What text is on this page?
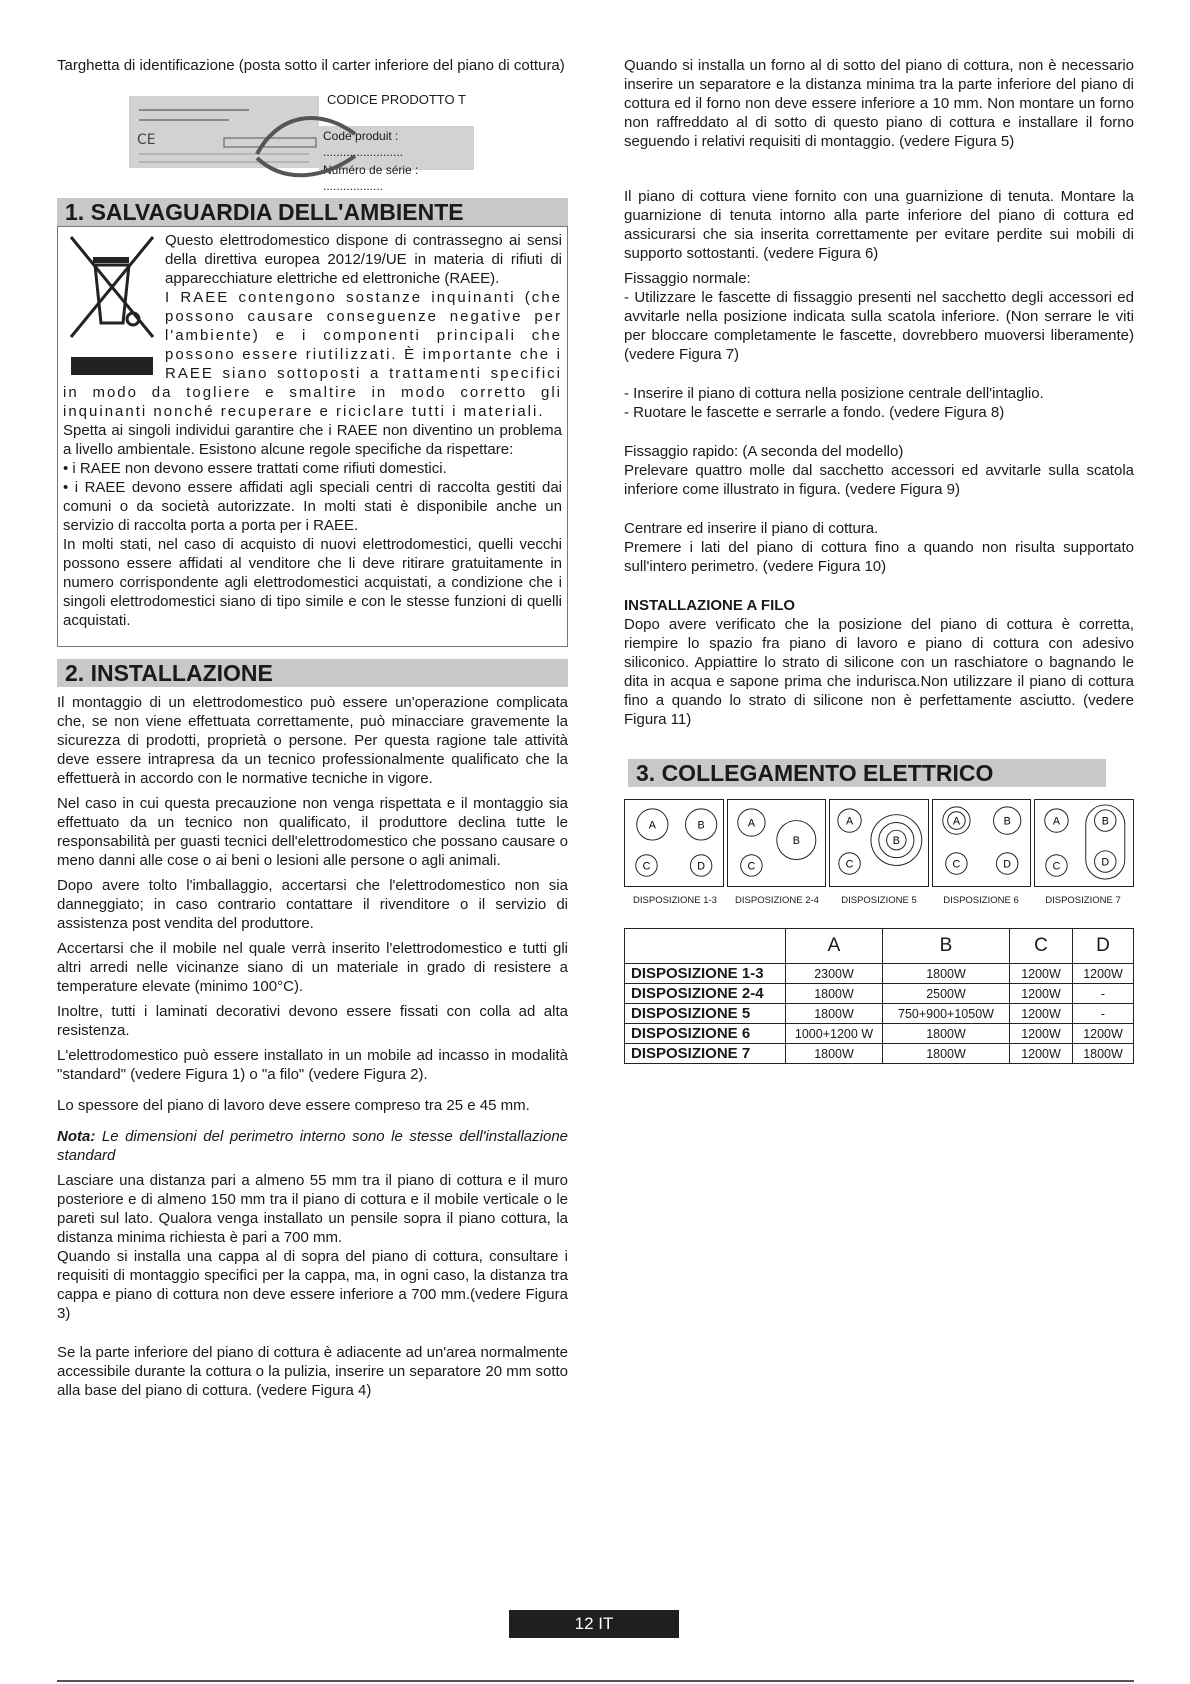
Targhetta di identificazione (posta sotto il carter inferiore del piano di cottura)

CODICE PRODOTTO T
CE	Code produit : ........................
Numéro de série : ..................
1. SALVAGUARDIA DELL'AMBIENTE

Questo elettrodomestico dispone di contrassegno ai sensi della direttiva europea 2012/19/UE in materia di rifiuti di apparecchiature elettriche ed elettroniche (RAEE).

I RAEE contengono sostanze inquinanti (che possono causare conseguenze negative per l'ambiente) e i componenti principali che possono essere riutilizzati. È importante che i RAEE siano sottoposti a trattamenti specifici in modo da togliere e smaltire in modo corretto gli inquinanti nonché recuperare e riciclare tutti i materiali.

Spetta ai singoli individui garantire che i RAEE non diventino un problema a livello ambientale. Esistono alcune regole specifiche da rispettare:

• i RAEE non devono essere trattati come rifiuti domestici.
• i RAEE devono essere affidati agli speciali centri di raccolta gestiti dai comuni o da società autorizzate. In molti stati è disponibile anche un servizio di raccolta porta a porta per i RAEE.

In molti stati, nel caso di acquisto di nuovi elettrodomestici, quelli vecchi possono essere affidati al venditore che li deve ritirare gratuitamente in numero corrispondente agli elettrodomestici acquistati, a condizione che i singoli elettrodomestici siano di tipo simile e con le stesse funzioni di quelli acquistati.

2. INSTALLAZIONE

Il montaggio di un elettrodomestico può essere un'operazione complicata che, se non viene effettuata correttamente, può minacciare gravemente la sicurezza di prodotti, proprietà o persone. Per questa ragione tale attività deve essere intrapresa da un tecnico professionalmente qualificato che la effettuerà in accordo con le normative tecniche in vigore.

Nel caso in cui questa precauzione non venga rispettata e il montaggio sia effettuato da un tecnico non qualificato, il produttore declina tutte le responsabilità per guasti tecnici dell'elettrodomestico che possano causare o meno danni alle cose o ai beni o lesioni alle persone o agli animali.

Dopo avere tolto l'imballaggio, accertarsi che l'elettrodomestico non sia danneggiato; in caso contrario contattare il rivenditore o il servizio di assistenza post vendita del produttore.

Accertarsi che il mobile nel quale verrà inserito l'elettrodomestico e tutti gli altri arredi nelle vicinanze siano di un materiale in grado di resistere a temperature elevate (minimo 100°C).

Inoltre, tutti i laminati decorativi devono essere fissati con colla ad alta resistenza.

L'elettrodomestico può essere installato in un mobile ad incasso in modalità "standard" (vedere Figura 1) o "a filo" (vedere Figura 2).

Lo spessore del piano di lavoro deve essere compreso tra 25 e 45 mm.

Nota: Le dimensioni del perimetro interno sono le stesse dell'installazione standard

Lasciare una distanza pari a almeno 55 mm tra il piano di cottura e il muro posteriore e di almeno 150 mm tra il piano di cottura e il mobile verticale o le pareti sul lato. Qualora venga installato un pensile sopra il piano cottura, la distanza minima richiesta è pari a 700 mm.

Quando si installa una cappa al di sopra del piano di cottura, consultare i requisiti di montaggio specifici per la cappa, ma, in ogni caso, la distanza tra cappa e piano di cottura non deve essere inferiore a 700 mm.(vedere Figura 3)

Se la parte inferiore del piano di cottura è adiacente ad un'area normalmente accessibile durante la cottura o la pulizia, inserire un separatore 20 mm sotto alla base del piano di cottura. (vedere Figura 4)

Quando si installa un forno al di sotto del piano di cottura, non è necessario inserire un separatore e la distanza minima tra la parte inferiore del piano di cottura ed il forno non deve essere inferiore a 10 mm. Non montare un forno non raffreddato al di sotto di questo piano di cottura e installare il forno seguendo i relativi requisiti di montaggio. (vedere Figura 5)

Il piano di cottura viene fornito con una guarnizione di tenuta. Montare la guarnizione di tenuta intorno alla parte inferiore del piano di cottura ed assicurarsi che sia inserita correttamente per evitare perdite sui mobili di supporto sottostanti. (vedere Figura 6)

Fissaggio normale:

- Utilizzare le fascette di fissaggio presenti nel sacchetto degli accessori ed avvitarle nella posizione indicata sulla scatola inferiore. (Non serrare le viti per bloccare completamente le fascette, dovrebbero muoversi liberamente) (vedere Figura 7)

- Inserire il piano di cottura nella posizione centrale dell'intaglio.

- Ruotare le fascette e serrarle a fondo. (vedere Figura 8)

Fissaggio rapido: (A seconda del modello)

Prelevare quattro molle dal sacchetto accessori ed avvitarle sulla scatola inferiore come illustrato in figura. (vedere Figura 9)

Centrare ed inserire il piano di cottura.

Premere i lati del piano di cottura fino a quando non risulta supportato sull'intero perimetro. (vedere Figura 10)

INSTALLAZIONE A FILO

Dopo avere verificato che la posizione del piano di cottura è corretta, riempire lo spazio fra piano di lavoro e piano di cottura con adesivo siliconico. Appiattire lo strato di silicone con un raschiatore o bagnando le dita in acqua e sapone prima che indurisca.Non utilizzare il piano di cottura fino a quando lo strato di silicone non è perfettamente asciutto. (vedere Figura 11)

3. COLLEGAMENTO ELETTRICO
A	B
C	D
A
B
C
A
B
C
A	B
C	D
A	B
D
C
DISPOSIZIONE 1-3	DISPOSIZIONE 2-4	DISPOSIZIONE 5	DISPOSIZIONE 6	DISPOSIZIONE 7
	A	B	C	D
DISPOSIZIONE 1-3	2300W	1800W	1200W	1200W
DISPOSIZIONE 2-4	1800W	2500W	1200W	-
DISPOSIZIONE 5	1800W	750+900+1050W	1200W	-
DISPOSIZIONE 6	1000+1200 W	1800W	1200W	1200W
DISPOSIZIONE 7	1800W	1800W	1200W	1800W
12 IT
